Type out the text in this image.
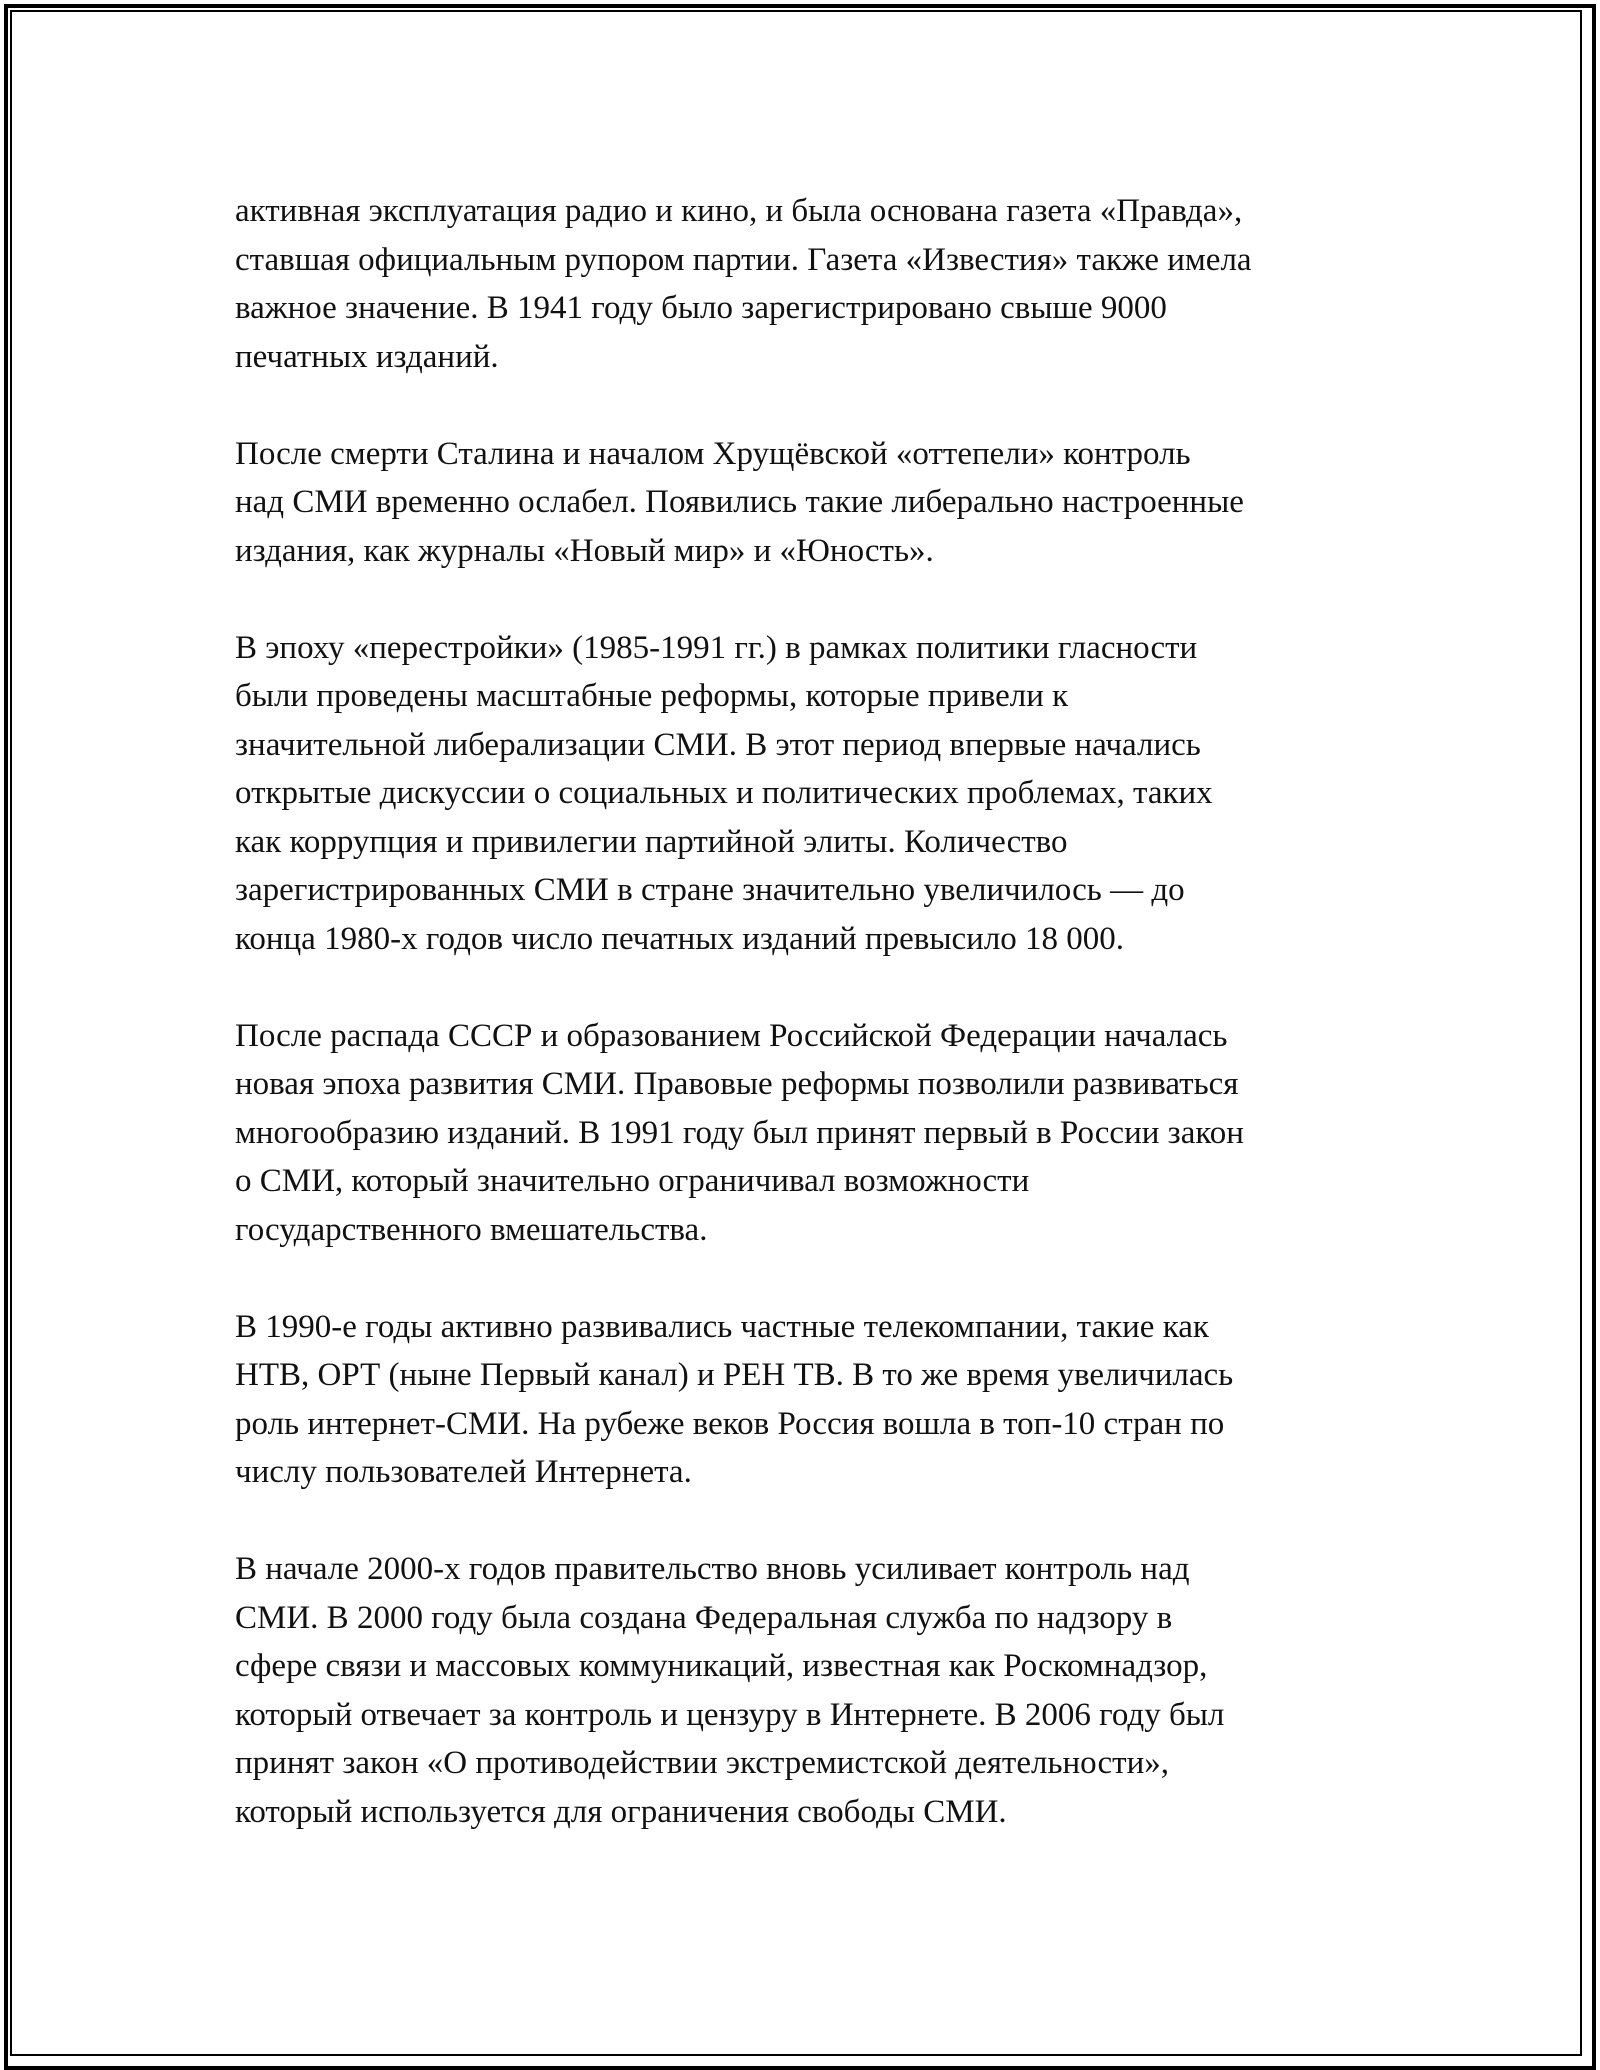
активная эксплуатация радио и кино, и была основана газета «Правда»,
ставшая официальным рупором партии. Газета «Известия» также имела
важное значение. В 1941 году было зарегистрировано свыше 9000
печатных изданий.

После смерти Сталина и началом Хрущёвской «оттепели» контроль
над СМИ временно ослабел. Появились такие либерально настроенные
издания, как журналы «Новый мир» и «Юность».

В эпоху «перестройки» (1985-1991 гг.) в рамках политики гласности
были проведены масштабные реформы, которые привели к
значительной либерализации СМИ. В этот период впервые начались
открытые дискуссии о социальных и политических проблемах, таких
как коррупция и привилегии партийной элиты. Количество
зарегистрированных СМИ в стране значительно увеличилось — до
конца 1980-х годов число печатных изданий превысило 18 000.

После распада СССР и образованием Российской Федерации началась
новая эпоха развития СМИ. Правовые реформы позволили развиваться
многообразию изданий. В 1991 году был принят первый в России закон
о СМИ, который значительно ограничивал возможности
государственного вмешательства.

В 1990-е годы активно развивались частные телекомпании, такие как
НТВ, ОРТ (ныне Первый канал) и РЕН ТВ. В то же время увеличилась
роль интернет-СМИ. На рубеже веков Россия вошла в топ-10 стран по
числу пользователей Интернета.

В начале 2000-х годов правительство вновь усиливает контроль над
СМИ. В 2000 году была создана Федеральная служба по надзору в
сфере связи и массовых коммуникаций, известная как Роскомнадзор,
который отвечает за контроль и цензуру в Интернете. В 2006 году был
принят закон «О противодействии экстремистской деятельности»,
который используется для ограничения свободы СМИ.
